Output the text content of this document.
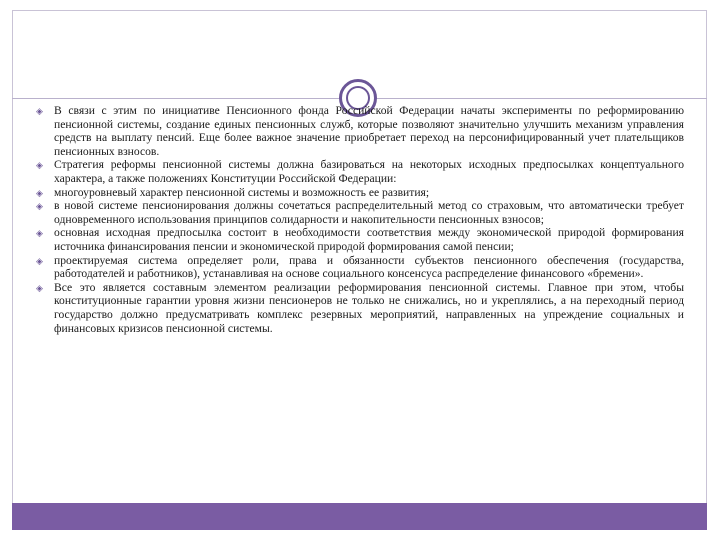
◈ В связи с этим по инициативе Пенсионного фонда Российской Федерации начаты эксперименты по реформированию пенсионной системы, создание единых пенсионных служб, которые позволяют значительно улучшить механизм управления средств на выплату пенсий. Еще более важное значение приобретает переход на персонифицированный учет плательщиков пенсионных взносов.
◈ Стратегия реформы пенсионной системы должна базироваться на некоторых исходных предпосылках концептуального характера, а также положениях Конституции Российской Федерации:
◈ многоуровневый характер пенсионной системы и возможность ее развития;
◈ в новой системе пенсионирования должны сочетаться распределительный метод со страховым, что автоматически требует одновременного использования принципов солидарности и накопительности пенсионных взносов;
◈ основная исходная предпосылка состоит в необходимости соответствия между экономической природой формирования источника финансирования пенсии и экономической природой формирования самой пенсии;
◈ проектируемая система определяет роли, права и обязанности субъектов пенсионного обеспечения (государства, работодателей и работников), устанавливая на основе социального консенсуса распределение финансового «бремени».
◈ Все это является составным элементом реализации реформирования пенсионной системы. Главное при этом, чтобы конституционные гарантии уровня жизни пенсионеров не только не снижались, но и укреплялись, а на переходный период государство должно предусматривать комплекс резервных мероприятий, направленных на упреждение социальных и финансовых кризисов пенсионной системы.
